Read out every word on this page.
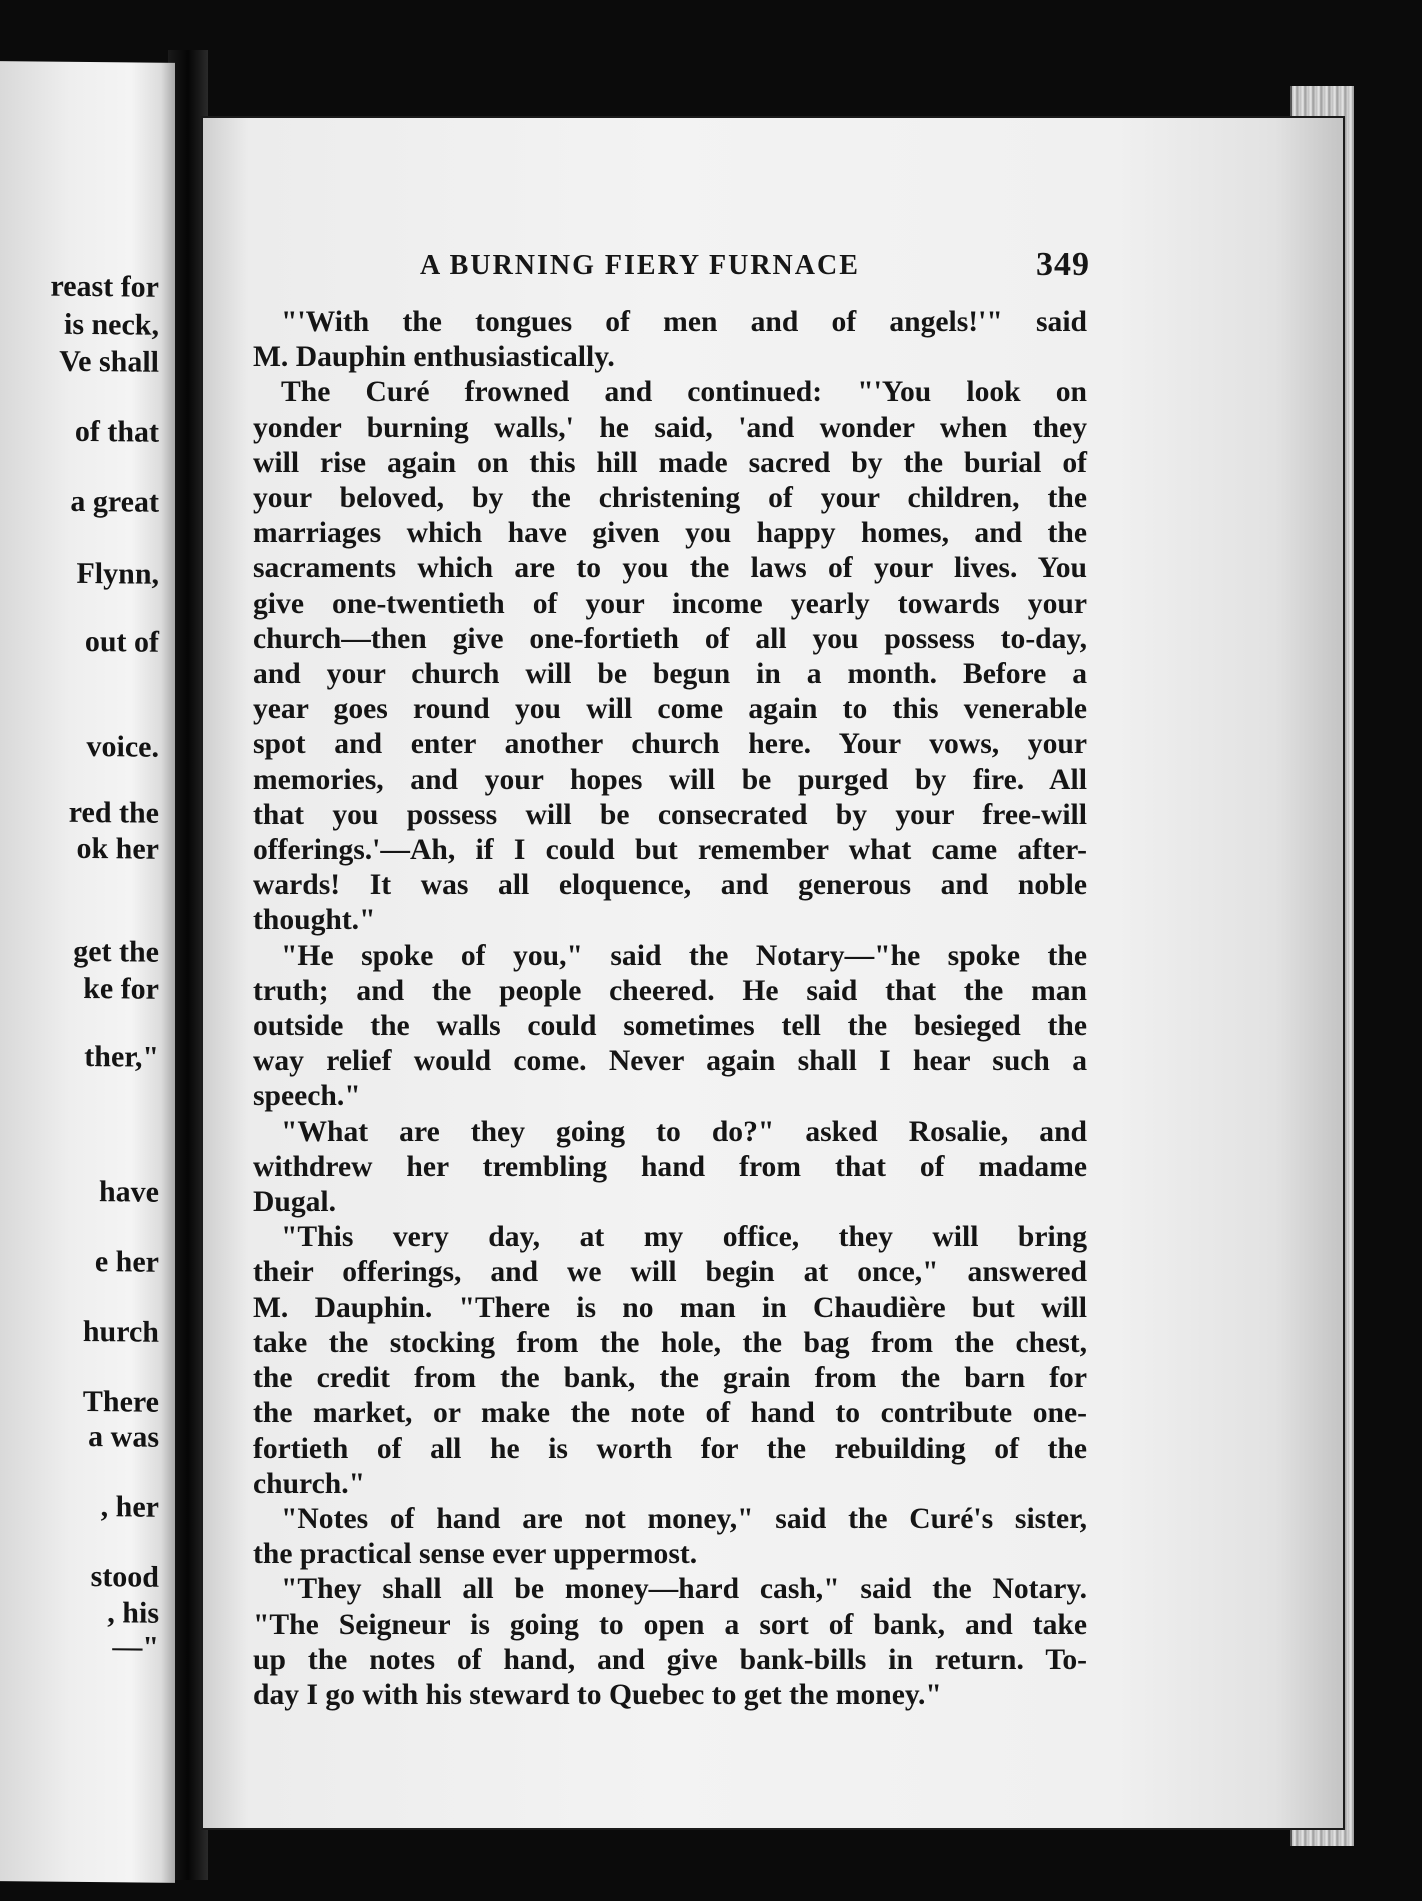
reast for
is neck,
Ve shall
of that
a great
Flynn,
out of
voice.
red the
ok her
get the
ke for
ther,"
have
e her
hurch
There
a was
, her
stood
, his
—"
A BURNING FIERY FURNACE	349
"'With the tongues of men and of angels!'" said
M. Dauphin enthusiastically.
The Curé frowned and continued: "'You look on
yonder burning walls,' he said, 'and wonder when they
will rise again on this hill made sacred by the burial of
your beloved, by the christening of your children, the
marriages which have given you happy homes, and the
sacraments which are to you the laws of your lives. You
give one-twentieth of your income yearly towards your
church—then give one-fortieth of all you possess to-day,
and your church will be begun in a month. Before a
year goes round you will come again to this venerable
spot and enter another church here. Your vows, your
memories, and your hopes will be purged by fire. All
that you possess will be consecrated by your free-will
offerings.'—Ah, if I could but remember what came after-
wards! It was all eloquence, and generous and noble
thought."
"He spoke of you," said the Notary—"he spoke the
truth; and the people cheered. He said that the man
outside the walls could sometimes tell the besieged the
way relief would come. Never again shall I hear such a
speech."
"What are they going to do?" asked Rosalie, and
withdrew her trembling hand from that of madame
Dugal.
"This very day, at my office, they will bring
their offerings, and we will begin at once," answered
M. Dauphin. "There is no man in Chaudière but will
take the stocking from the hole, the bag from the chest,
the credit from the bank, the grain from the barn for
the market, or make the note of hand to contribute one-
fortieth of all he is worth for the rebuilding of the
church."
"Notes of hand are not money," said the Curé's sister,
the practical sense ever uppermost.
"They shall all be money—hard cash," said the Notary.
"The Seigneur is going to open a sort of bank, and take
up the notes of hand, and give bank-bills in return. To-
day I go with his steward to Quebec to get the money."
